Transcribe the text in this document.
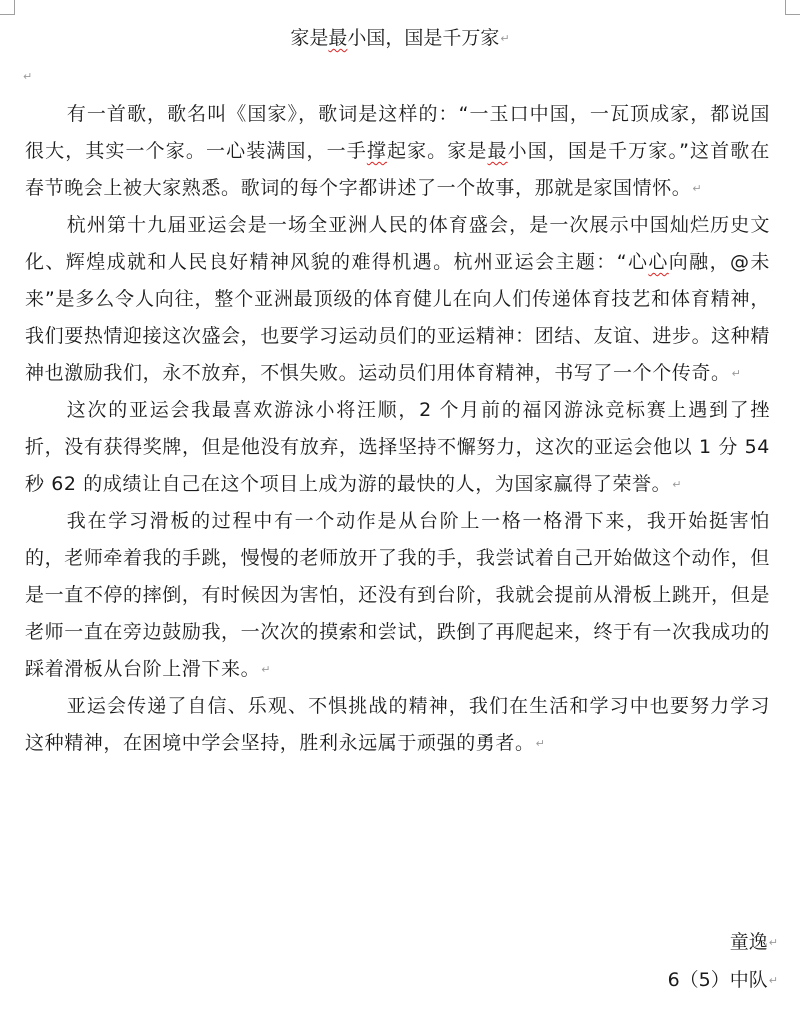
家是最小国，国是千万家↵
↵

有一首歌，歌名叫《国家》，歌词是这样的：“一玉口中国，一瓦顶成家，都说国很大，其实一个家。一心装满国，一手撑起家。家是最小国，国是千万家。”这首歌在春节晚会上被大家熟悉。歌词的每个字都讲述了一个故事，那就是家国情怀。↵

杭州第十九届亚运会是一场全亚洲人民的体育盛会，是一次展示中国灿烂历史文化、辉煌成就和人民良好精神风貌的难得机遇。杭州亚运会主题：“心心向融，@未来”是多么令人向往，整个亚洲最顶级的体育健儿在向人们传递体育技艺和体育精神，我们要热情迎接这次盛会，也要学习运动员们的亚运精神：团结、友谊、进步。这种精神也激励我们，永不放弃，不惧失败。运动员们用体育精神，书写了一个个传奇。↵

这次的亚运会我最喜欢游泳小将汪顺，2 个月前的福冈游泳竞标赛上遇到了挫折，没有获得奖牌，但是他没有放弃，选择坚持不懈努力，这次的亚运会他以 1 分 54 秒 62 的成绩让自己在这个项目上成为游的最快的人，为国家赢得了荣誉。↵

我在学习滑板的过程中有一个动作是从台阶上一格一格滑下来，我开始挺害怕的，老师牵着我的手跳，慢慢的老师放开了我的手，我尝试着自己开始做这个动作，但是一直不停的摔倒，有时候因为害怕，还没有到台阶，我就会提前从滑板上跳开，但是老师一直在旁边鼓励我，一次次的摸索和尝试，跌倒了再爬起来，终于有一次我成功的踩着滑板从台阶上滑下来。↵

亚运会传递了自信、乐观、不惧挑战的精神，我们在生活和学习中也要努力学习这种精神，在困境中学会坚持，胜利永远属于顽强的勇者。↵

童逸↵
6（5）中队↵
